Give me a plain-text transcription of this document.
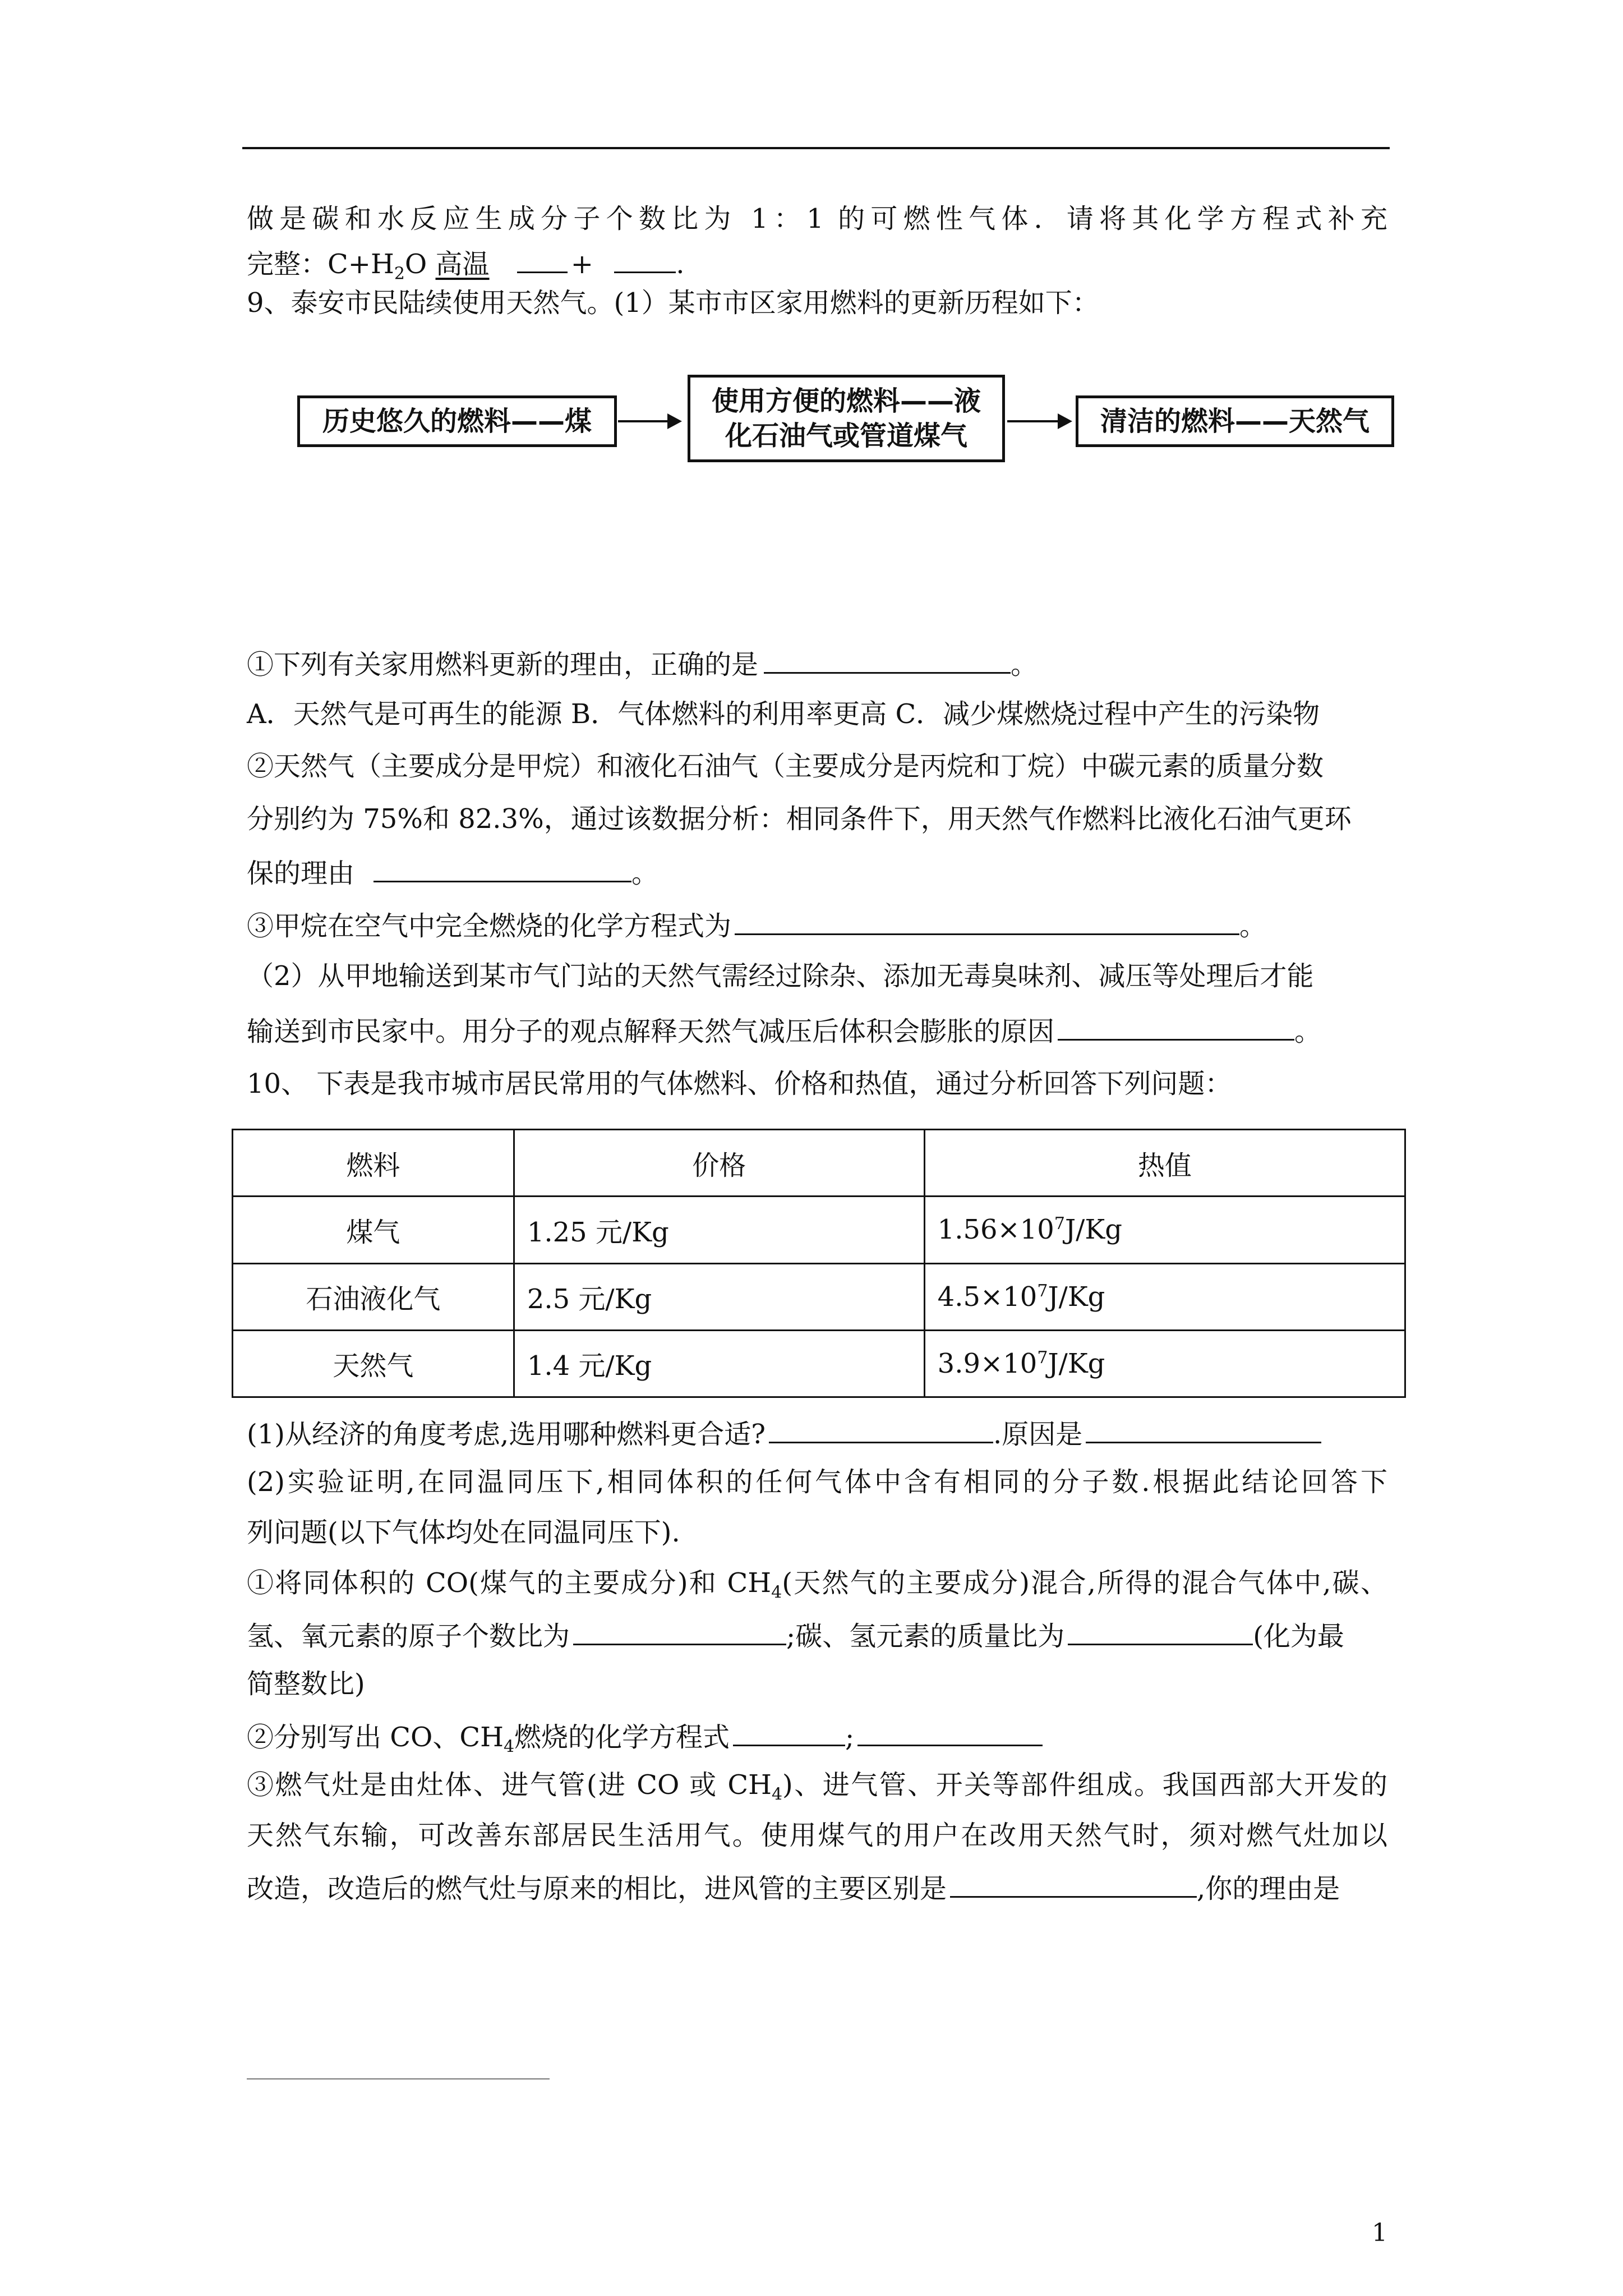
做是碳和水反应生成分子个数比为 1：1 的可燃性气体．请将其化学方程式补充
完整：$C+H_2O$ 高温	+	.
9、泰安市民陆续使用天然气。(1）某市市区家用燃料的更新历程如下：
历史悠久的燃料——煤
使用方便的燃料——液
化石油气或管道煤气	清洁的燃料——天然气
①下列有关家用燃料更新的理由，正确的是	。
A．天然气是可再生的能源 B．气体燃料的利用率更高 C．减少煤燃烧过程中产生的污染物
②天然气（主要成分是甲烷）和液化石油气（主要成分是丙烷和丁烷）中碳元素的质量分数
分别约为 75%和 82.3%，通过该数据分析：相同条件下，用天然气作燃料比液化石油气更环
保的理由	。
③甲烷在空气中完全燃烧的化学方程式为	。
（2）从甲地输送到某市气门站的天然气需经过除杂、添加无毒臭味剂、减压等处理后才能
输送到市民家中。用分子的观点解释天然气减压后体积会膨胀的原因	。
10、 下表是我市城市居民常用的气体燃料、价格和热值，通过分析回答下列问题：
燃料	价格	热值
煤气	1.25 元/Kg	$1.56\times 10^7J/Kg$
石油液化气	2.5 元/Kg	$4.5\times 10^7J/Kg$
天然气	1.4 元/Kg	$3.9\times 10^7J/Kg$
(1)从经济的角度考虑,选用哪种燃料更合适?	.原因是
(2)实验证明,在同温同压下,相同体积的任何气体中含有相同的分子数.根据此结论回答下
列问题(以下气体均处在同温同压下).
①将同体积的 CO(煤气的主要成分)和 $CH_4$(天然气的主要成分)混合,所得的混合气体中,碳、
氢、氧元素的原子个数比为	;碳、氢元素的质量比为	(化为最
简整数比)
②分别写出 CO、$CH_4$燃烧的化学方程式	;
③燃气灶是由灶体、进气管(进 CO 或 $CH_4$)、进气管、开关等部件组成。我国西部大开发的
天然气东输，可改善东部居民生活用气。使用煤气的用户在改用天然气时，须对燃气灶加以
改造，改造后的燃气灶与原来的相比，进风管的主要区别是	,你的理由是
1
